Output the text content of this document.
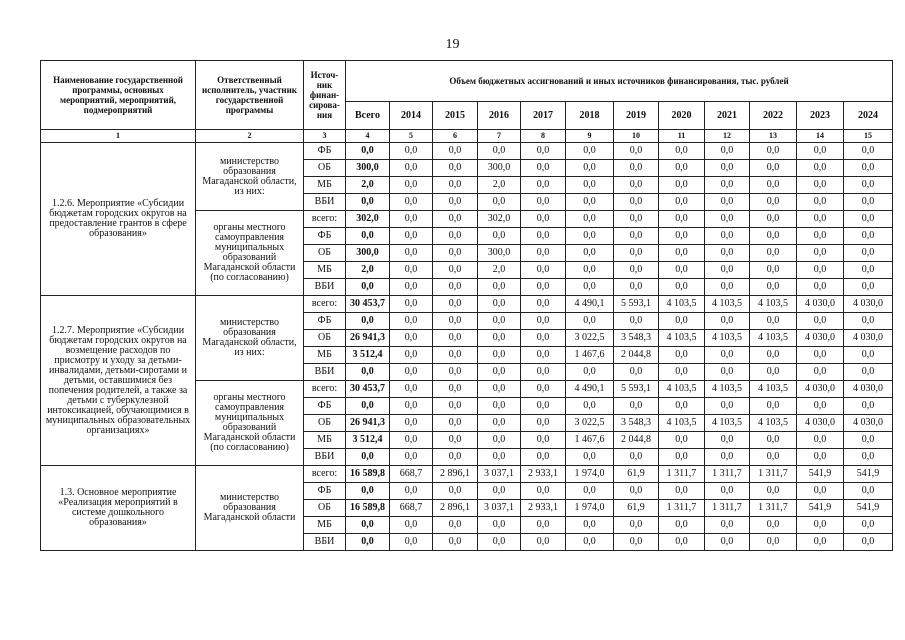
19
Наименование государственной программы, основных мероприятий, мероприятий, подмероприятий	Ответственный исполнитель, участник государственной программы	Источ-ник финан-сирова-ния	Объем бюджетных ассигнований и иных источников финансирования, тыс. рублей											
			Всего	2014	2015	2016	2017	2018	2019	2020	2021	2022	2023	2024
1	2	3	4	5	6	7	8	9	10	11	12	13	14	15
1.2.6. Мероприятие «Субсидии бюджетам городских округов на предоставление грантов в сфере образования»	министерство образования Магаданской области, из них:	ФБ	0,0	0,0	0,0	0,0	0,0	0,0	0,0	0,0	0,0	0,0	0,0	0,0
		ОБ	300,0	0,0	0,0	300,0	0,0	0,0	0,0	0,0	0,0	0,0	0,0	0,0
		МБ	2,0	0,0	0,0	2,0	0,0	0,0	0,0	0,0	0,0	0,0	0,0	0,0
		ВБИ	0,0	0,0	0,0	0,0	0,0	0,0	0,0	0,0	0,0	0,0	0,0	0,0
	органы местного самоуправления муниципальных образований Магаданской области (по согласованию)	всего:	302,0	0,0	0,0	302,0	0,0	0,0	0,0	0,0	0,0	0,0	0,0	0,0
		ФБ	0,0	0,0	0,0	0,0	0,0	0,0	0,0	0,0	0,0	0,0	0,0	0,0
		ОБ	300,0	0,0	0,0	300,0	0,0	0,0	0,0	0,0	0,0	0,0	0,0	0,0
		МБ	2,0	0,0	0,0	2,0	0,0	0,0	0,0	0,0	0,0	0,0	0,0	0,0
		ВБИ	0,0	0,0	0,0	0,0	0,0	0,0	0,0	0,0	0,0	0,0	0,0	0,0
1.2.7. Мероприятие «Субсидии бюджетам городских округов на возмещение расходов по присмотру и уходу за детьми-инвалидами, детьми-сиротами и детьми, оставшимися без попечения родителей, а также за детьми с туберкулезной интоксикацией, обучающимися в муниципальных образовательных организациях»	министерство образования Магаданской области, из них:	всего:	30 453,7	0,0	0,0	0,0	0,0	4 490,1	5 593,1	4 103,5	4 103,5	4 103,5	4 030,0	4 030,0
		ФБ	0,0	0,0	0,0	0,0	0,0	0,0	0,0	0,0	0,0	0,0	0,0	0,0
		ОБ	26 941,3	0,0	0,0	0,0	0,0	3 022,5	3 548,3	4 103,5	4 103,5	4 103,5	4 030,0	4 030,0
		МБ	3 512,4	0,0	0,0	0,0	0,0	1 467,6	2 044,8	0,0	0,0	0,0	0,0	0,0
		ВБИ	0,0	0,0	0,0	0,0	0,0	0,0	0,0	0,0	0,0	0,0	0,0	0,0
	органы местного самоуправления муниципальных образований Магаданской области (по согласованию)	всего:	30 453,7	0,0	0,0	0,0	0,0	4 490,1	5 593,1	4 103,5	4 103,5	4 103,5	4 030,0	4 030,0
		ФБ	0,0	0,0	0,0	0,0	0,0	0,0	0,0	0,0	0,0	0,0	0,0	0,0
		ОБ	26 941,3	0,0	0,0	0,0	0,0	3 022,5	3 548,3	4 103,5	4 103,5	4 103,5	4 030,0	4 030,0
		МБ	3 512,4	0,0	0,0	0,0	0,0	1 467,6	2 044,8	0,0	0,0	0,0	0,0	0,0
		ВБИ	0,0	0,0	0,0	0,0	0,0	0,0	0,0	0,0	0,0	0,0	0,0	0,0
1.3. Основное мероприятие «Реализация мероприятий в системе дошкольного образования»	министерство образования Магаданской области	всего:	16 589,8	668,7	2 896,1	3 037,1	2 933,1	1 974,0	61,9	1 311,7	1 311,7	1 311,7	541,9	541,9
		ФБ	0,0	0,0	0,0	0,0	0,0	0,0	0,0	0,0	0,0	0,0	0,0	0,0
		ОБ	16 589,8	668,7	2 896,1	3 037,1	2 933,1	1 974,0	61,9	1 311,7	1 311,7	1 311,7	541,9	541,9
		МБ	0,0	0,0	0,0	0,0	0,0	0,0	0,0	0,0	0,0	0,0	0,0	0,0
		ВБИ	0,0	0,0	0,0	0,0	0,0	0,0	0,0	0,0	0,0	0,0	0,0	0,0
